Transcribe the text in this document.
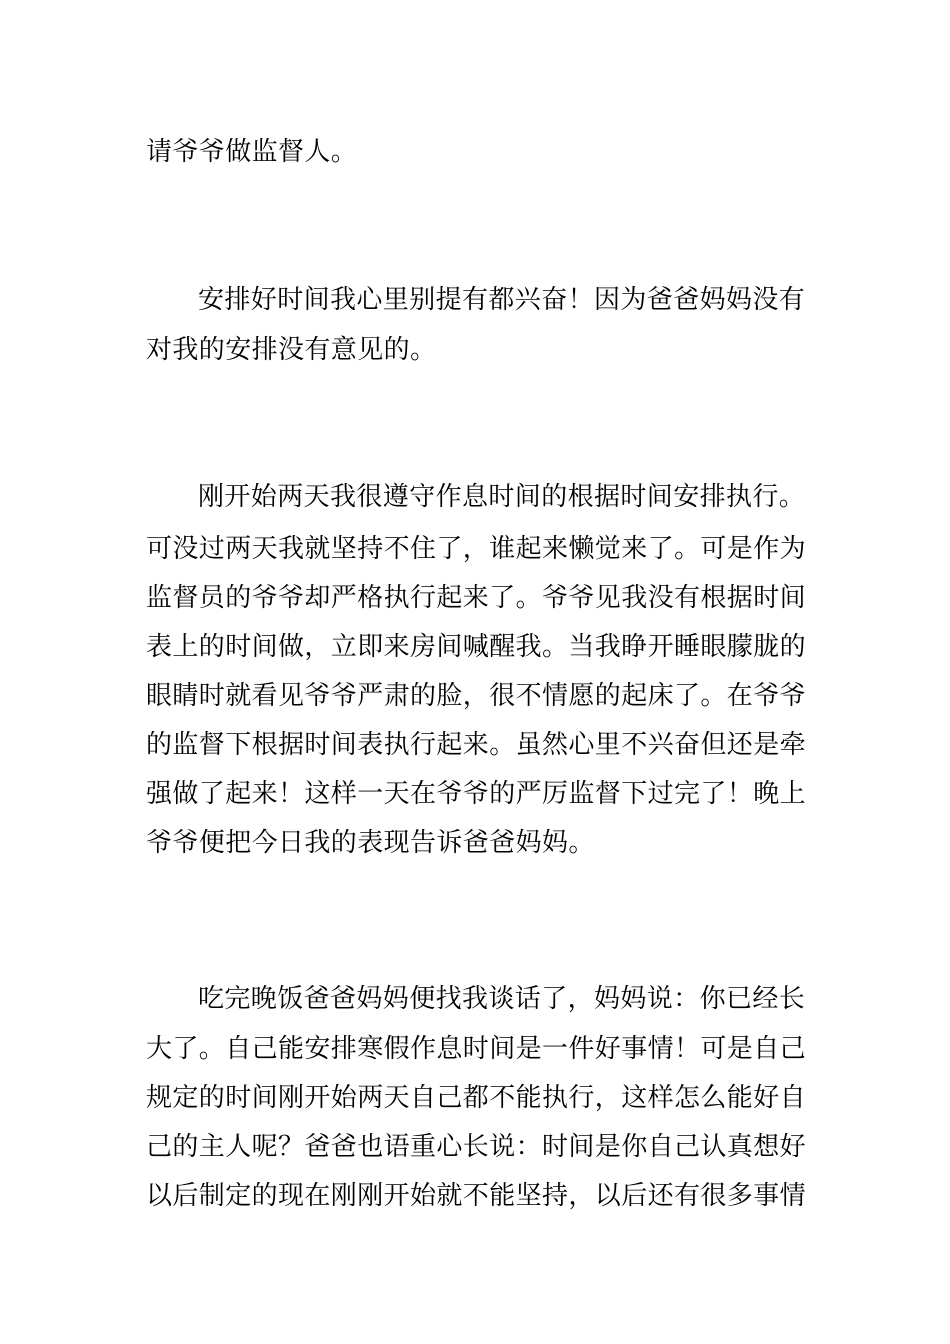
请爷爷做监督人。
安排好时间我心里别提有都兴奋！因为爸爸妈妈没有
对我的安排没有意见的。
刚开始两天我很遵守作息时间的根据时间安排执行。
可没过两天我就坚持不住了，谁起来懒觉来了。可是作为
监督员的爷爷却严格执行起来了。爷爷见我没有根据时间
表上的时间做，立即来房间喊醒我。当我睁开睡眼朦胧的
眼睛时就看见爷爷严肃的脸，很不情愿的起床了。在爷爷
的监督下根据时间表执行起来。虽然心里不兴奋但还是牵
强做了起来！这样一天在爷爷的严厉监督下过完了！晚上
爷爷便把今日我的表现告诉爸爸妈妈。
吃完晚饭爸爸妈妈便找我谈话了，妈妈说：你已经长
大了。自己能安排寒假作息时间是一件好事情！可是自己
规定的时间刚开始两天自己都不能执行，这样怎么能好自
己的主人呢？爸爸也语重心长说：时间是你自己认真想好
以后制定的现在刚刚开始就不能坚持，以后还有很多事情
